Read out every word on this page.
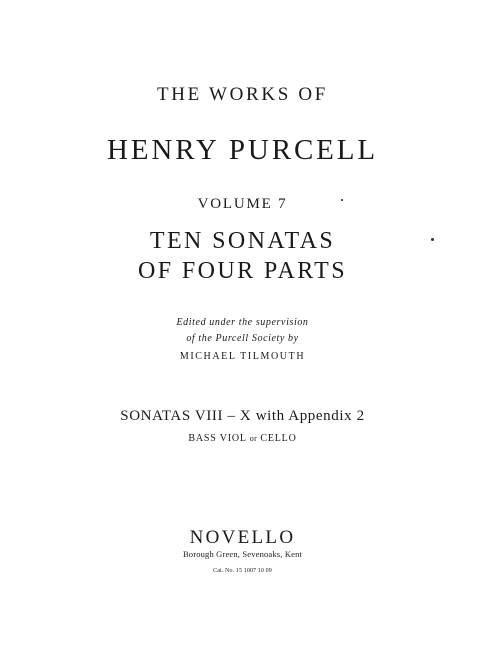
THE WORKS OF
HENRY PURCELL
VOLUME 7
TEN SONATAS
OF FOUR PARTS
Edited under the supervision
of the Purcell Society by
MICHAEL TILMOUTH
SONATAS VIII – X with Appendix 2
BASS VIOL or CELLO
NOVELLO
Borough Green, Sevenoaks, Kent
Cat. No. 15 1007 10 09
